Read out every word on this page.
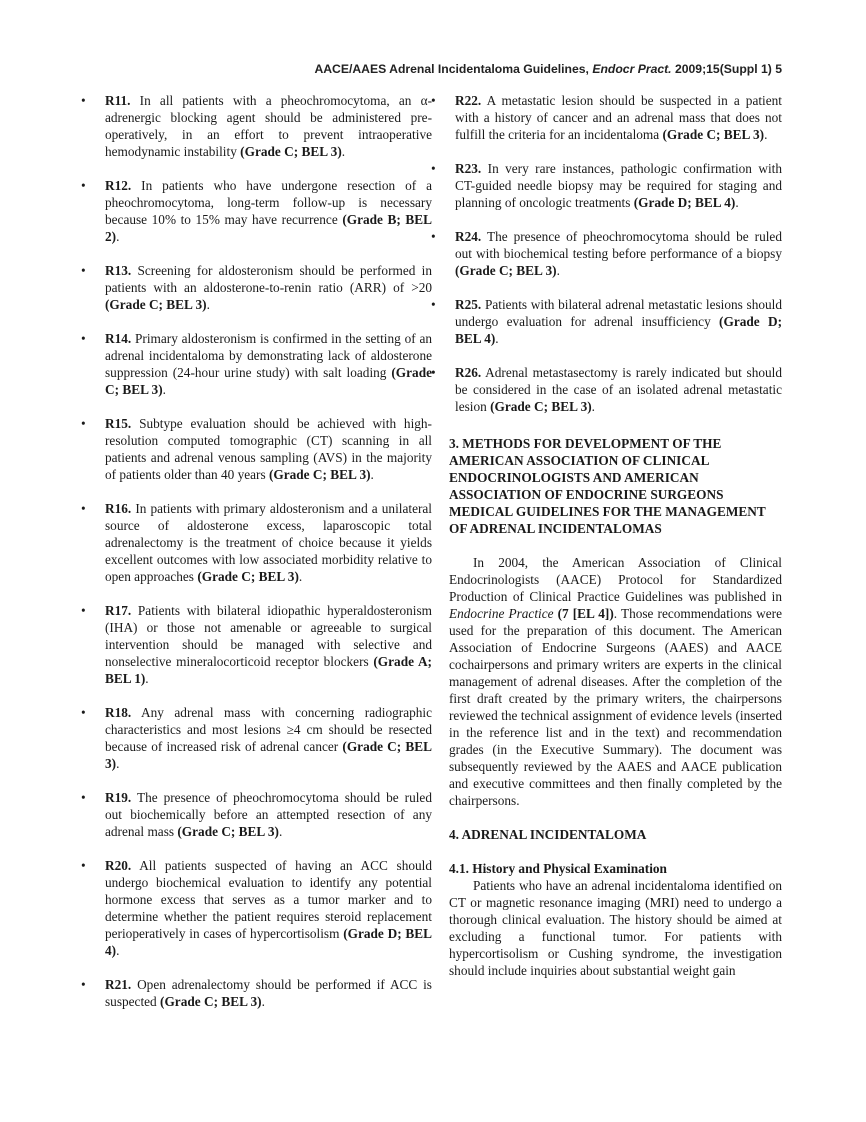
AACE/AAES Adrenal Incidentaloma Guidelines, Endocr Pract. 2009;15(Suppl 1) 5
• R11. In all patients with a pheochromocytoma, an α-adrenergic blocking agent should be administered pre-operatively, in an effort to prevent intraoperative hemodynamic instability (Grade C; BEL 3).
• R12. In patients who have undergone resection of a pheochromocytoma, long-term follow-up is necessary because 10% to 15% may have recurrence (Grade B; BEL 2).
• R13. Screening for aldosteronism should be performed in patients with an aldosterone-to-renin ratio (ARR) of >20 (Grade C; BEL 3).
• R14. Primary aldosteronism is confirmed in the setting of an adrenal incidentaloma by demonstrating lack of aldosterone suppression (24-hour urine study) with salt loading (Grade C; BEL 3).
• R15. Subtype evaluation should be achieved with high-resolution computed tomographic (CT) scanning in all patients and adrenal venous sampling (AVS) in the majority of patients older than 40 years (Grade C; BEL 3).
• R16. In patients with primary aldosteronism and a unilateral source of aldosterone excess, laparoscopic total adrenalectomy is the treatment of choice because it yields excellent outcomes with low associated morbidity relative to open approaches (Grade C; BEL 3).
• R17. Patients with bilateral idiopathic hyperaldosteronism (IHA) or those not amenable or agreeable to surgical intervention should be managed with selective and nonselective mineralocorticoid receptor blockers (Grade A; BEL 1).
• R18. Any adrenal mass with concerning radiographic characteristics and most lesions ≥4 cm should be resected because of increased risk of adrenal cancer (Grade C; BEL 3).
• R19. The presence of pheochromocytoma should be ruled out biochemically before an attempted resection of any adrenal mass (Grade C; BEL 3).
• R20. All patients suspected of having an ACC should undergo biochemical evaluation to identify any potential hormone excess that serves as a tumor marker and to determine whether the patient requires steroid replacement perioperatively in cases of hypercortisolism (Grade D; BEL 4).
• R21. Open adrenalectomy should be performed if ACC is suspected (Grade C; BEL 3).
• R22. A metastatic lesion should be suspected in a patient with a history of cancer and an adrenal mass that does not fulfill the criteria for an incidentaloma (Grade C; BEL 3).
• R23. In very rare instances, pathologic confirmation with CT-guided needle biopsy may be required for staging and planning of oncologic treatments (Grade D; BEL 4).
• R24. The presence of pheochromocytoma should be ruled out with biochemical testing before performance of a biopsy (Grade C; BEL 3).
• R25. Patients with bilateral adrenal metastatic lesions should undergo evaluation for adrenal insufficiency (Grade D; BEL 4).
• R26. Adrenal metastasectomy is rarely indicated but should be considered in the case of an isolated adrenal metastatic lesion (Grade C; BEL 3).
3. METHODS FOR DEVELOPMENT OF THE AMERICAN ASSOCIATION OF CLINICAL ENDOCRINOLOGISTS AND AMERICAN ASSOCIATION OF ENDOCRINE SURGEONS MEDICAL GUIDELINES FOR THE MANAGEMENT OF ADRENAL INCIDENTALOMAS

In 2004, the American Association of Clinical Endocrinologists (AACE) Protocol for Standardized Production of Clinical Practice Guidelines was published in Endocrine Practice (7 [EL 4]). Those recommendations were used for the preparation of this document. The American Association of Endocrine Surgeons (AAES) and AACE cochairpersons and primary writers are experts in the clinical management of adrenal diseases. After the completion of the first draft created by the primary writers, the chairpersons reviewed the technical assignment of evidence levels (inserted in the reference list and in the text) and recommendation grades (in the Executive Summary). The document was subsequently reviewed by the AAES and AACE publication and executive committees and then finally completed by the chairpersons.

4. ADRENAL INCIDENTALOMA
4.1. History and Physical Examination

Patients who have an adrenal incidentaloma identified on CT or magnetic resonance imaging (MRI) need to undergo a thorough clinical evaluation. The history should be aimed at excluding a functional tumor. For patients with hypercortisolism or Cushing syndrome, the investigation should include inquiries about substantial weight gain
